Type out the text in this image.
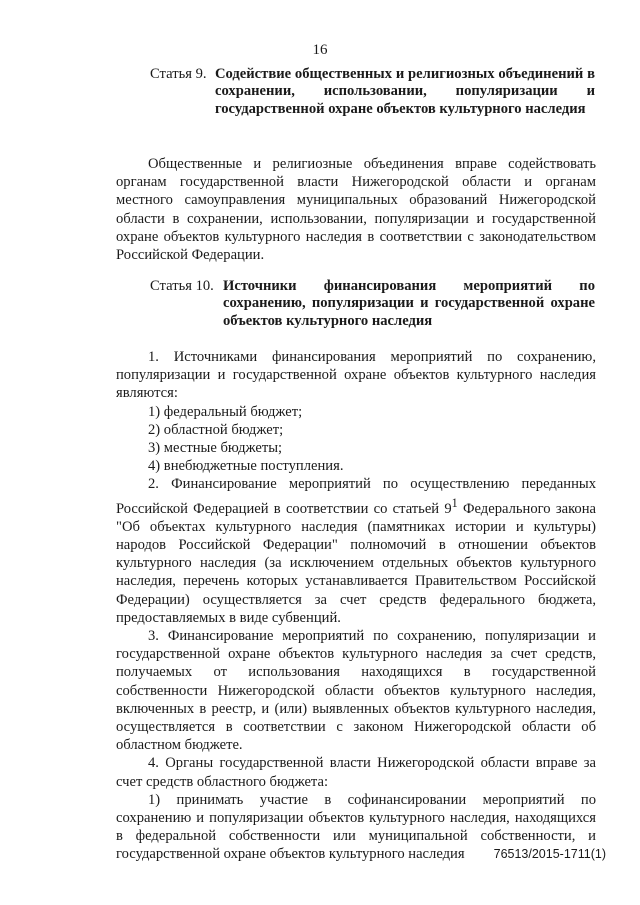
16
Статья 9. Содействие общественных и религиозных объединений в сохранении, использовании, популяризации и государственной охране объектов культурного наследия

Общественные и религиозные объединения вправе содействовать органам государственной власти Нижегородской области и органам местного самоуправления муниципальных образований Нижегородской области в сохранении, использовании, популяризации и государственной охране объектов культурного наследия в соответствии с законодательством Российской Федерации.

Статья 10. Источники финансирования мероприятий по сохранению, популяризации и государственной охране объектов культурного наследия

1. Источниками финансирования мероприятий по сохранению, популяризации и государственной охране объектов культурного наследия являются:

1) федеральный бюджет;

2) областной бюджет;

3) местные бюджеты;

4) внебюджетные поступления.

2. Финансирование мероприятий по осуществлению переданных Российской Федерацией в соответствии со статьей $9^1$ Федерального закона "Об объектах культурного наследия (памятниках истории и культуры) народов Российской Федерации" полномочий в отношении объектов культурного наследия (за исключением отдельных объектов культурного наследия, перечень которых устанавливается Правительством Российской Федерации) осуществляется за счет средств федерального бюджета, предоставляемых в виде субвенций.

3. Финансирование мероприятий по сохранению, популяризации и государственной охране объектов культурного наследия за счет средств, получаемых от использования находящихся в государственной собственности Нижегородской области объектов культурного наследия, включенных в реестр, и (или) выявленных объектов культурного наследия, осуществляется в соответствии с законом Нижегородской области об областном бюджете.

4. Органы государственной власти Нижегородской области вправе за счет средств областного бюджета:

1) принимать участие в софинансировании мероприятий по сохранению и популяризации объектов культурного наследия, находящихся в федеральной собственности или муниципальной собственности, и государственной охране объектов культурного наследия	76513/2015-1711(1)
